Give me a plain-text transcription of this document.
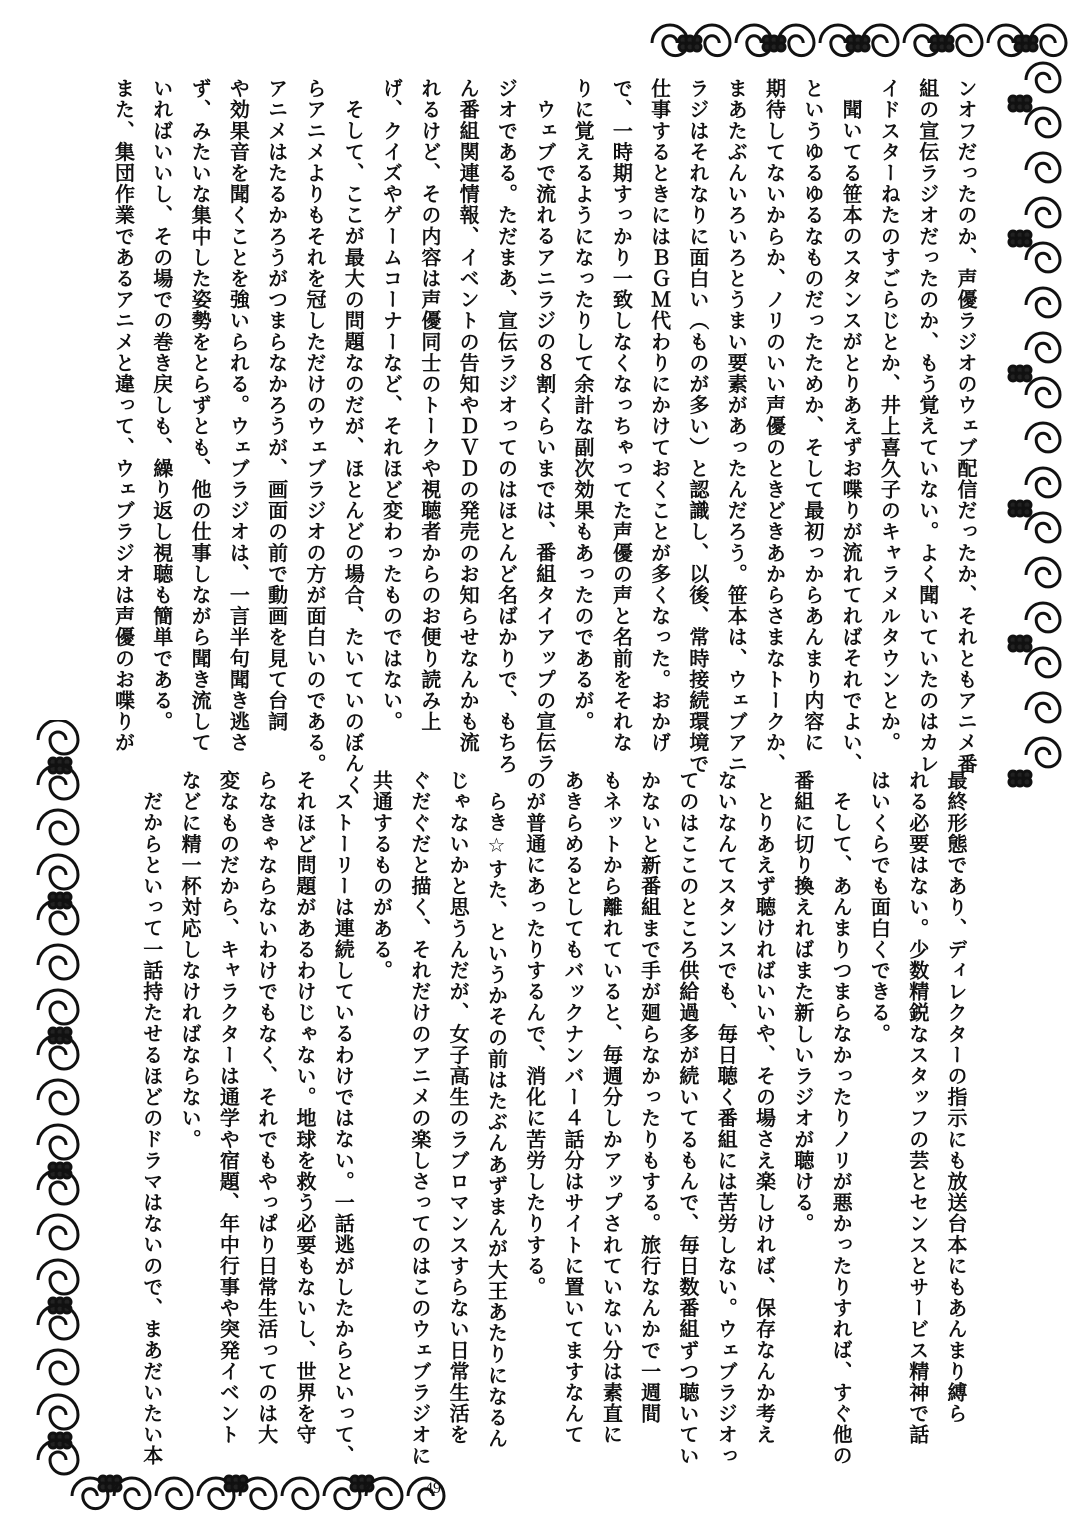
ンオフだったのか、声優ラジオのウェブ配信だったか、それともアニメ番

組の宣伝ラジオだったのか、もう覚えていない。よく聞いていたのはカレ

イドスターねたのすごらじとか、井上喜久子のキャラメルタウンとか。

聞いてる笹本のスタンスがとりあえずお喋りが流れてればそれでよい、

というゆるゆるなものだったためか、そして最初っからあんまり内容に

期待してないからか、ノリのいい声優のときどきあからさまなトークか、

まあたぶんいろいろとうまい要素があったんだろう。笹本は、ウェブアニ

ラジはそれなりに面白い（ものが多い）と認識し、以後、常時接続環境で

仕事するときにはＢＧＭ代わりにかけておくことが多くなった。おかげ

で、一時期すっかり一致しなくなっちゃってた声優の声と名前をそれな

りに覚えるようになったりして余計な副次効果もあったのであるが。

ウェブで流れるアニラジの８割くらいまでは、番組タイアップの宣伝ラ

ジオである。ただまあ、宣伝ラジオってのはほとんど名ばかりで、もちろ

ん番組関連情報、イベントの告知やＤＶＤの発売のお知らせなんかも流

れるけど、その内容は声優同士のトークや視聴者からのお便り読み上

げ、クイズやゲームコーナーなど、それほど変わったものではない。

そして、ここが最大の問題なのだが、ほとんどの場合、たいていのぼんく

らアニメよりもそれを冠しただけのウェブラジオの方が面白いのである。

アニメはたるかろうがつまらなかろうが、画面の前で動画を見て台詞

や効果音を聞くことを強いられる。ウェブラジオは、一言半句聞き逃さ

ず、みたいな集中した姿勢をとらずとも、他の仕事しながら聞き流して

いればいいし、その場での巻き戻しも、繰り返し視聴も簡単である。

また、集団作業であるアニメと違って、ウェブラジオは声優のお喋りが

最終形態であり、ディレクターの指示にも放送台本にもあんまり縛ら

れる必要はない。少数精鋭なスタッフの芸とセンスとサービス精神で話

はいくらでも面白くできる。

そして、あんまりつまらなかったりノリが悪かったりすれば、すぐ他の

番組に切り換えればまた新しいラジオが聴ける。

とりあえず聴ければいいや、その場さえ楽しければ、保存なんか考え

ないなんてスタンスでも、毎日聴く番組には苦労しない。ウェブラジオっ

てのはここのところ供給過多が続いてるもんで、毎日数番組ずつ聴いてい

かないと新番組まで手が廻らなかったりもする。旅行なんかで一週間

もネットから離れていると、毎週分しかアップされていない分は素直に

あきらめるとしてもバックナンバー４話分はサイトに置いてますなんて

のが普通にあったりするんで、消化に苦労したりする。

らき☆すた、というかその前はたぶんあずまんが大王あたりになるん

じゃないかと思うんだが、女子高生のラブロマンスすらない日常生活を

ぐだぐだと描く、それだけのアニメの楽しさってのはこのウェブラジオに

共通するものがある。

ストーリーは連続しているわけではない。一話逃がしたからといって、

それほど問題があるわけじゃない。地球を救う必要もないし、世界を守

らなきゃならないわけでもなく、それでもやっぱり日常生活ってのは大

変なものだから、キャラクターは通学や宿題、年中行事や突発イベント

などに精一杯対応しなければならない。

だからといって一話持たせるほどのドラマはないので、まあだいたい本

49
